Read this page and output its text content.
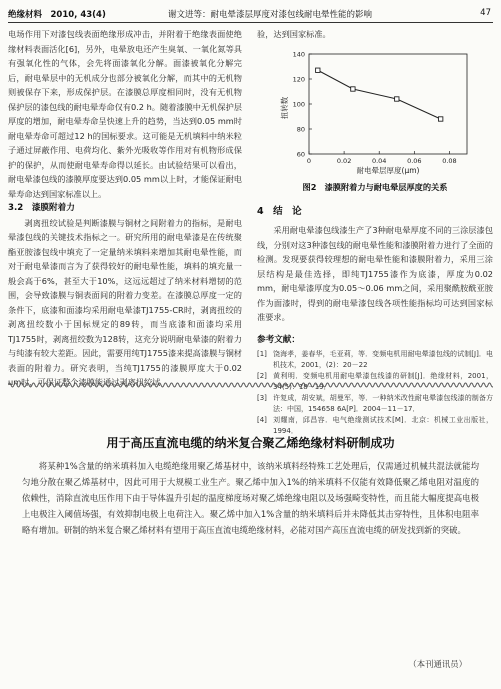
绝缘材料　2010, 43(4)	谢文进等：耐电晕漆层厚度对漆包线耐电晕性能的影响	47

电场作用下对漆包线表面绝缘形成冲击，并附着于绝缘表面使绝缘材料表面活化[6]，另外，电晕放电还产生臭氧、一氧化氮等具有强氧化性的气体，会先将面漆氧化分解。面漆被氧化分解完后，耐电晕层中的无机成分也部分被氧化分解，而其中的无机物则被保存下来，形成保护层。在漆膜总厚度相同时，没有无机物保护层的漆包线的耐电晕寿命仅有0.2 h。随着漆膜中无机保护层厚度的增加，耐电晕寿命呈快速上升的趋势，当达到0.05 mm时耐电晕寿命可超过12 h的国标要求。这可能是无机填料中纳米粒子通过屏蔽作用、电荷均化、紫外光吸收等作用对有机物形成保护的保护，从而使耐电晕寿命得以延长。由试验结果可以看出，耐电晕漆包线的漆膜厚度要达到0.05 mm以上时，才能保证耐电晕寿命达到国家标准以上。

3.2　漆膜附着力

剥离扭绞试验是判断漆膜与铜材之间附着力的指标，是耐电晕漆包线的关键技术指标之一。研究所用的耐电晕漆是在传统聚酯亚胺漆包线中填充了一定量纳米填料来增加其耐电晕性能，而对于耐电晕漆而言为了获得较好的耐电晕性能，填料的填充量一般会高于6%，甚至大于10%，这远远超过了纳米材料增韧的范围，会导致漆膜与铜表面间的附着力变差。在漆膜总厚度一定的条件下，底漆和面漆均采用耐电晕漆TJ1755-CR时，剥离扭绞的剥离扭绞数小于国标规定的89转，而当底漆和面漆均采用TJ1755时，剥离扭绞数为128转，这充分说明耐电晕漆的附着力与纯漆有较大差距。因此，需要用纯TJ1755漆来提高漆膜与铜材表面的附着力。研究表明，当纯TJ1755的漆膜厚度大于0.02 um时，可保证整个漆膜能通过剥离扭绞试

验，达到国家标准。

60
80
100
120
140
0	0.02	0.04	0.06	0.08
扭转数
耐电晕层厚度(μm)
图2　漆膜附着力与耐电晕层厚度的关系
4　结　论

采用耐电晕漆包线漆生产了3种耐电晕厚度不同的三涂层漆包线，分别对这3种漆包线的耐电晕性能和漆膜附着力进行了全面的检测。发现要获得较理想的耐电晕性能和漆膜附着力，采用三涂层结构是最佳选择，即纯TJ1755漆作为底漆，厚度为0.02 mm，耐电晕漆厚度为0.05～0.06 mm之间，采用聚酰胺酰亚胺作为面漆时，得到的耐电晕漆包线各项性能指标均可达到国家标准要求。

参考文献：
[1] 饶海孝，姜春华，毛亚莉，等．变频电机用耐电晕漆包线的试制[J]．电机技术，2001，(2)：20－22
[2] 黄利明．变频电机用耐电晕漆包线漆的研制[J]．绝缘材料，2001，34(5)：18－19．
[3] 许复成，胡安斌，胡曼军，等．一种纳米改性耐电晕漆包线漆的制备方法：中国，154658 6A[P]．2004－11－17．
[4] 刘耀南，邱昌容．电气绝缘测试技术[M]．北京：机械工业出版社，1994．
用于高压直流电缆的纳米复合聚乙烯绝缘材料研制成功

将某种1%含量的纳米填料加入电缆绝缘用聚乙烯基材中，该纳米填料经特殊工艺处理后，仅需通过机械共混法就能均匀地分散在聚乙烯基材中，因此可用于大规模工业生产。聚乙烯中加入1%的纳米填料不仅能有效降低聚乙烯电阻对温度的依赖性，消除直流电压作用下由于导体温升引起的温度梯度场对聚乙烯绝缘电阻以及场强畸变特性，而且能大幅度提高电极上电极注入阈值场强，有效抑制电极上电荷注入。聚乙烯中加入1%含量的纳米填料后并未降低其击穿特性，且体积电阻率略有增加。研制的纳米复合聚乙烯材料有望用于高压直流电缆绝缘材料，必能对国产高压直流电缆的研发找到新的突破。

（本刊通讯员）
